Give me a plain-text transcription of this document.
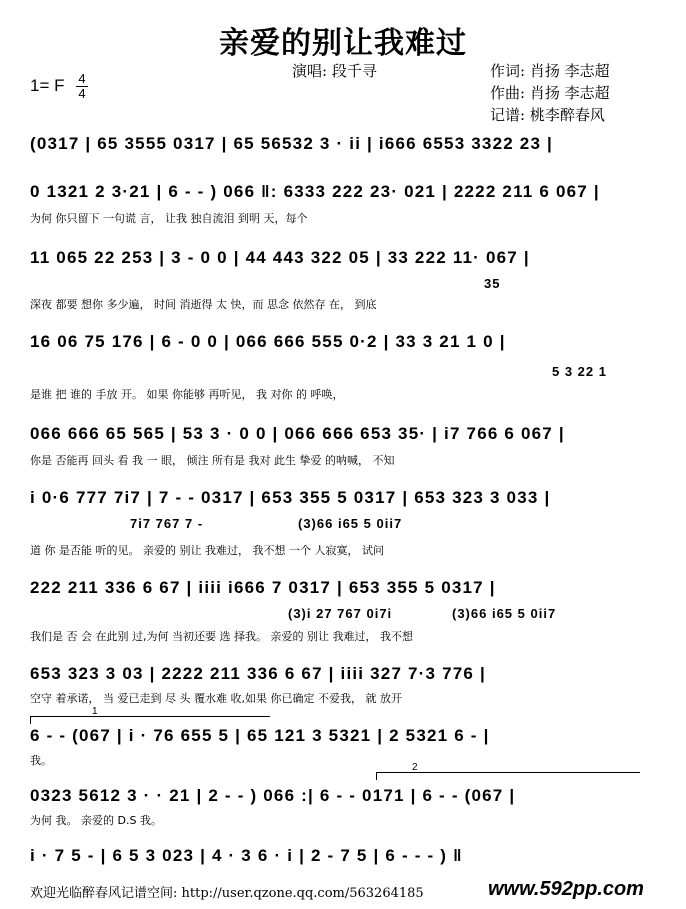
亲爱的别让我难过
1= F 4
4
演唱: 段千寻	作词: 肖扬 李志超
作曲: 肖扬 李志超
记谱: 桃李醉春风
(0317 | 65 3555 0317 | 65 56532 3 · ii | i666 6553 3322 23 |
0 1321 2 3·21 | 6 - - ) 066 ‖: 6333 222 23· 021 | 2222 211 6 067 |
为何 你只留下 一句谎 言， 让我 独自流泪 到明 天，每个
11 065 22 253 | 3 - 0 0 | 44 443 322 05 | 33 222 11· 067 |
35
深夜 都要 想你 多少遍， 时间 消逝得 太 快，而 思念 依然存 在， 到底
16 06 75 176 | 6 - 0 0 | 066 666 555 0·2 | 33 3 21 1 0 |
5 3 22 1
是谁 把 谁的 手放 开。 如果 你能够 再听见， 我 对你 的 呼唤，
066 666 65 565 | 53 3 · 0 0 | 066 666 653 35· | i7 766 6 067 |
你是 否能再 回头 看 我 一 眼， 倾注 所有是 我对 此生 挚爱 的呐喊， 不知
i 0·6 777 7i7 | 7 - - 0317 | 653 355 5 0317 | 653 323 3 033 |
7i7 767 7 -	(3)66 i65 5 0ii7
道 你 是否能 听的见。 亲爱的 别让 我难过， 我不想 一个 人寂寞， 试问
222 211 336 6 67 | iiii i666 7 0317 | 653 355 5 0317 |
(3)i 27 767 0i7i	(3)66 i65 5 0ii7
我们是 否 会 在此别 过,为何 当初还要 选 择我。 亲爱的 别让 我难过， 我不想
653 323 3 03 | 2222 211 336 6 67 | iiii 327 7·3 776 |
空守 着承诺， 当 爱已走到 尽 头 覆水难 收,如果 你已确定 不爱我， 就 放开
1
6 - - (067 | i · 76 655 5 | 65 121 3 5321 | 2 5321 6 - |
我。
2
0323 5612 3 · · 21 | 2 - - ) 066 :| 6 - - 0171 | 6 - - (067 |
为何 我。 亲爱的 D.S 我。
i · 7 5 - | 6 5 3 023 | 4 · 3 6 · i | 2 - 7 5 | 6 - - - ) ‖
欢迎光临醉春风记谱空间: http://user.qzone.qq.com/563264185	www.592pp.com
